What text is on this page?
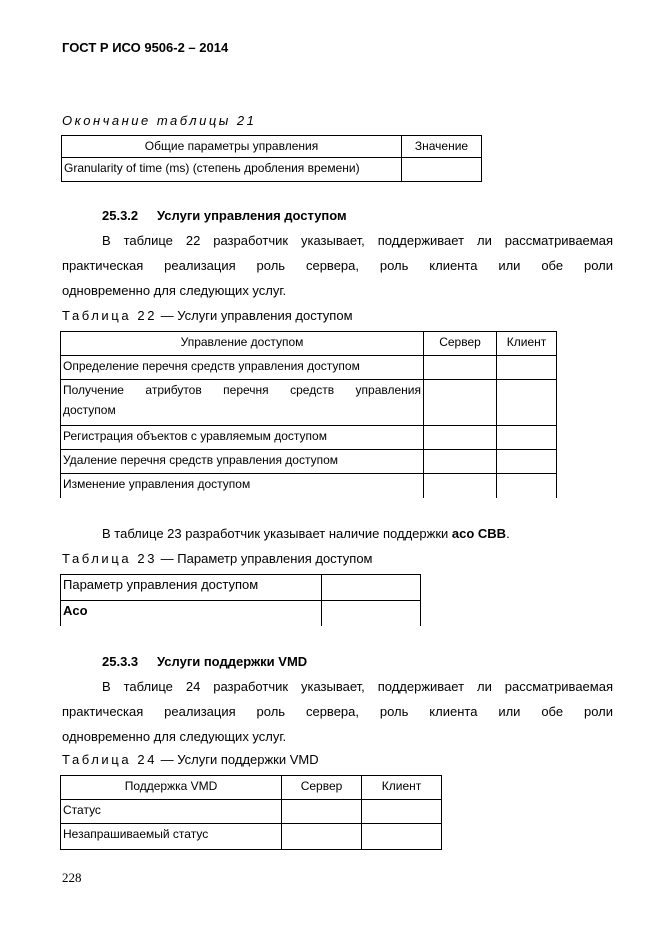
ГОСТ Р ИСО 9506-2 – 2014
Окончание таблицы 21
Общие параметры управления	Значение
Granularity of time (ms) (степень дробления времени)	
25.3.2 Услуги управления доступом
В таблице 22 разработчик указывает, поддерживает ли рассматриваемая
практическая реализация роль сервера, роль клиента или обе роли
одновременно для следующих услуг.
Таблица 22 — Услуги управления доступом
Управление доступом	Сервер	Клиент
Определение перечня средств управления доступом		
Получение атрибутов перечня средств управления доступом		
Регистрация объектов с уравляемым доступом		
Удаление перечня средств управления доступом		
Изменение управления доступом		
В таблице 23 разработчик указывает наличие поддержки aco CBB.
Таблица 23 — Параметр управления доступом
Параметр управления доступом	
Aco	
25.3.3 Услуги поддержки VMD
В таблице 24 разработчик указывает, поддерживает ли рассматриваемая
практическая реализация роль сервера, роль клиента или обе роли
одновременно для следующих услуг.
Таблица 24 — Услуги поддержки VMD
Поддержка VMD	Сервер	Клиент
Статус		
Незапрашиваемый статус		
228
